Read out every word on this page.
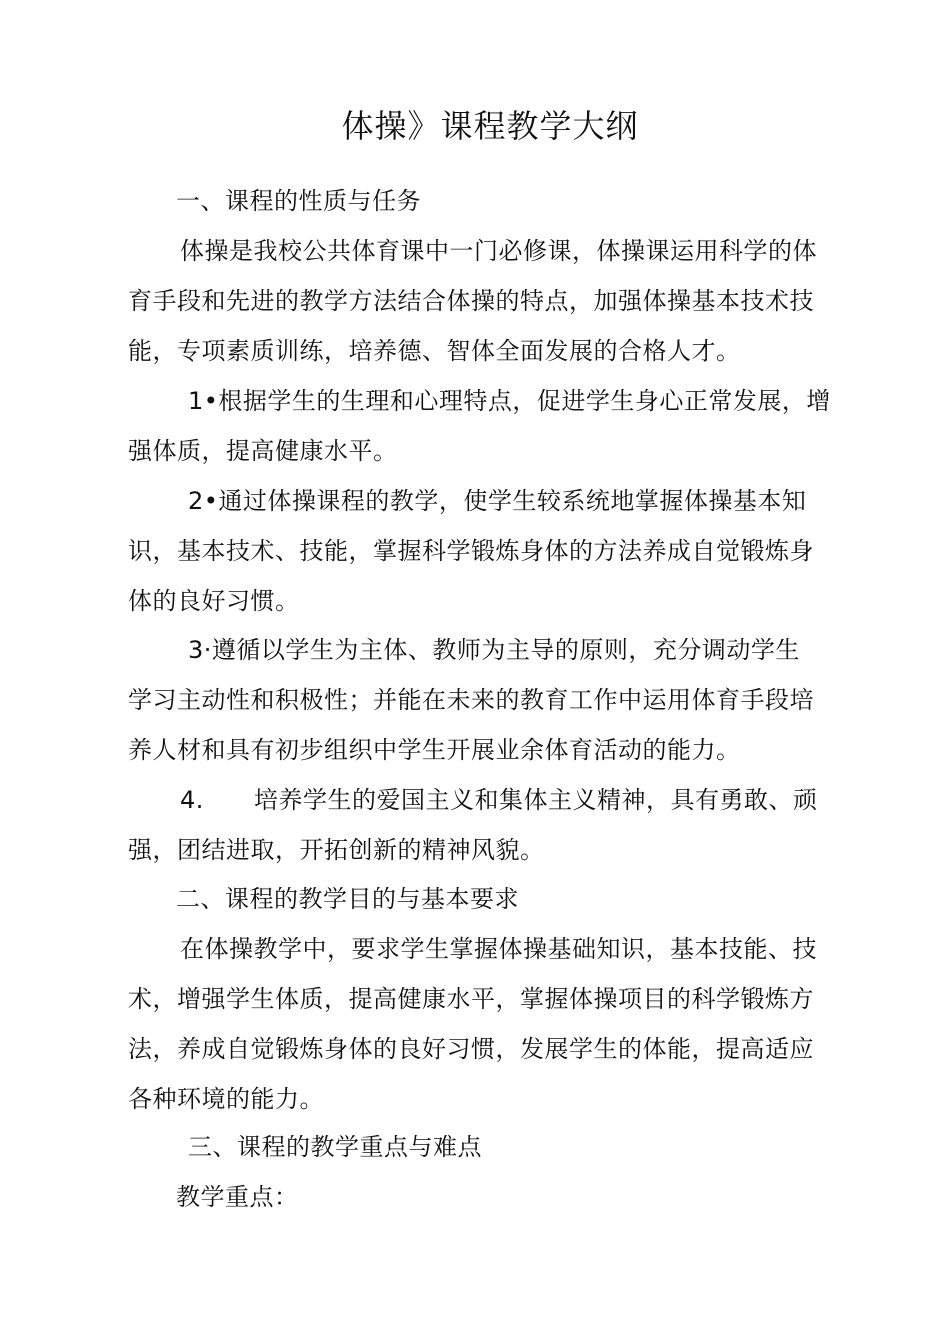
体操》课程教学大纲
一、课程的性质与任务

体操是我校公共体育课中一门必修课，体操课运用科学的体
育手段和先进的教学方法结合体操的特点，加强体操基本技术技
能，专项素质训练，培养德、智体全面发展的合格人才。

1•根据学生的生理和心理特点，促进学生身心正常发展，增
强体质，提高健康水平。

2•通过体操课程的教学，使学生较系统地掌握体操基本知
识，基本技术、技能，掌握科学锻炼身体的方法养成自觉锻炼身
体的良好习惯。

3·遵循以学生为主体、教师为主导的原则，充分调动学生
学习主动性和积极性；并能在未来的教育工作中运用体育手段培
养人材和具有初步组织中学生开展业余体育活动的能力。

4. 培养学生的爱国主义和集体主义精神，具有勇敢、顽
强，团结进取，开拓创新的精神风貌。

二、课程的教学目的与基本要求

在体操教学中，要求学生掌握体操基础知识，基本技能、技
术，增强学生体质，提高健康水平，掌握体操项目的科学锻炼方
法，养成自觉锻炼身体的良好习惯，发展学生的体能，提高适应
各种环境的能力。

三、课程的教学重点与难点

教学重点：
